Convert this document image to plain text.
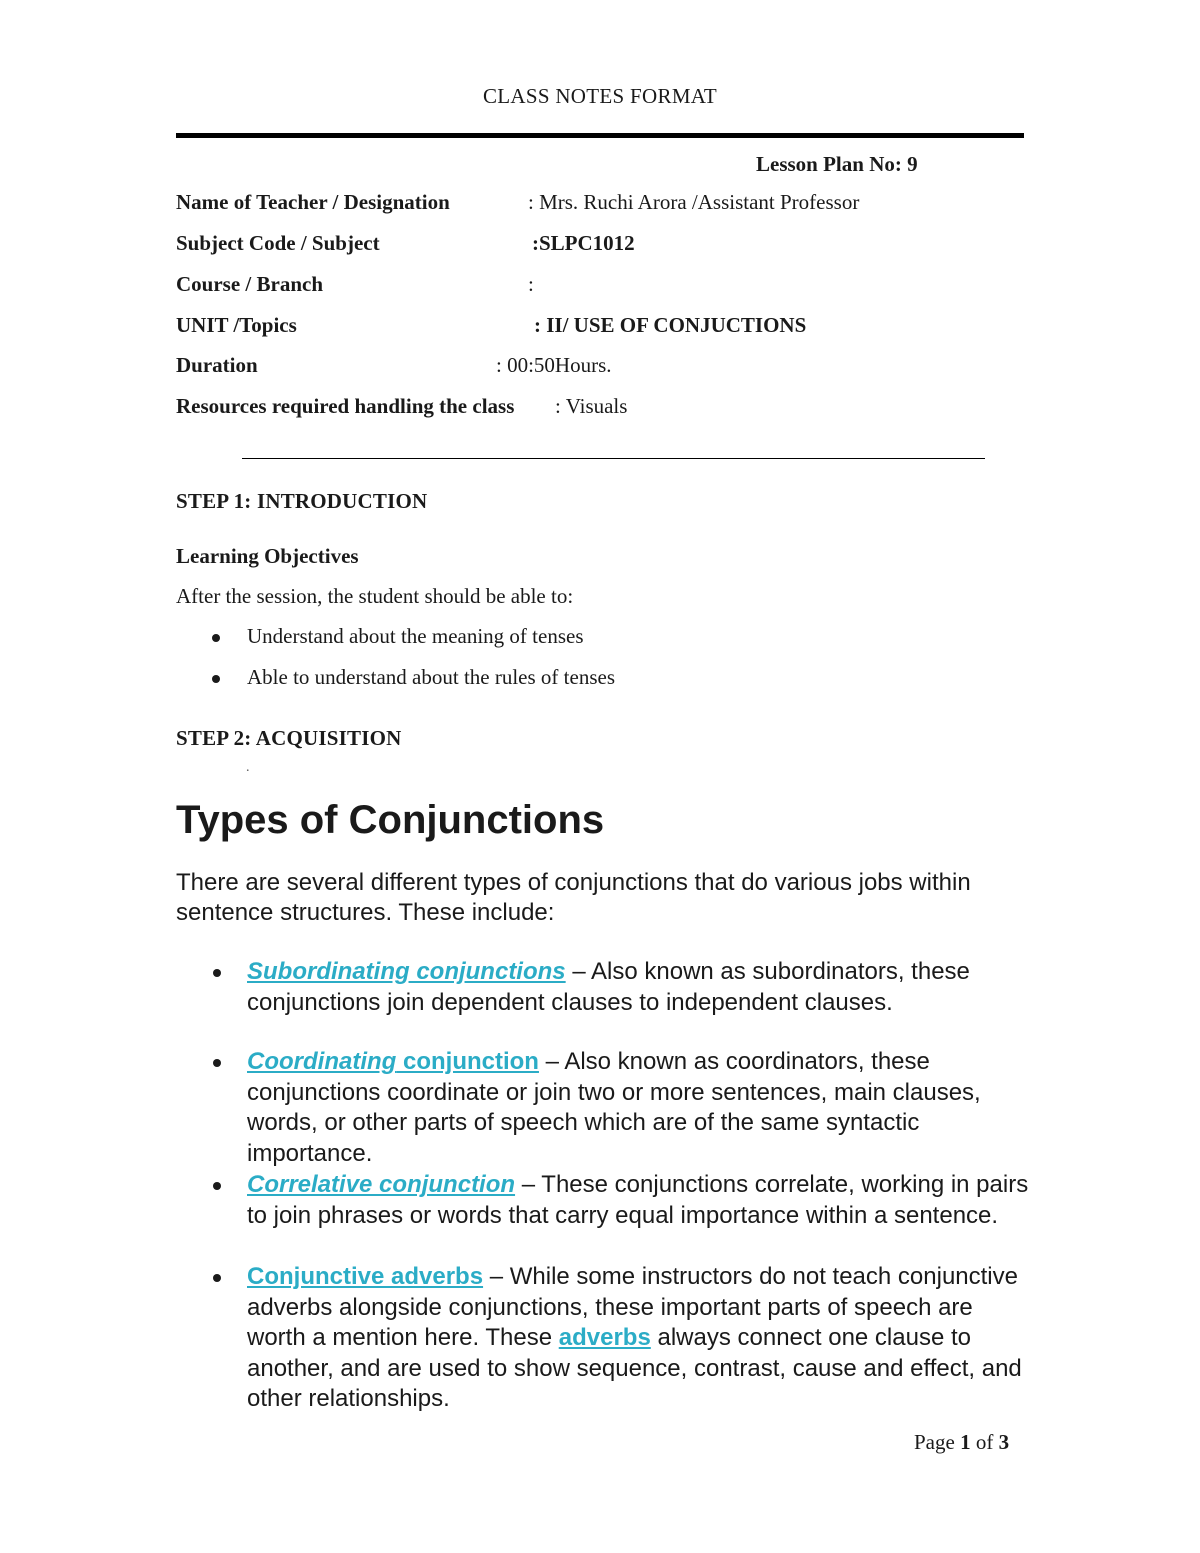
CLASS NOTES FORMAT
Lesson Plan No: 9
Name of Teacher / Designation	: Mrs. Ruchi Arora /Assistant Professor
Subject Code / Subject	:SLPC1012
Course / Branch	:
UNIT /Topics	: II/ USE OF CONJUCTIONS
Duration	: 00:50Hours.
Resources required handling the class : Visuals
STEP 1: INTRODUCTION
Learning Objectives
After the session, the student should be able to:
Understand about the meaning of tenses
Able to understand about the rules of tenses
STEP 2: ACQUISITION
.
Types of Conjunctions
There are several different types of conjunctions that do various jobs within sentence structures. These include:
Subordinating conjunctions – Also known as subordinators, these conjunctions join dependent clauses to independent clauses.
Coordinating conjunction – Also known as coordinators, these conjunctions coordinate or join two or more sentences, main clauses, words, or other parts of speech which are of the same syntactic importance.
Correlative conjunction – These conjunctions correlate, working in pairs to join phrases or words that carry equal importance within a sentence.
Conjunctive adverbs – While some instructors do not teach conjunctive adverbs alongside conjunctions, these important parts of speech are worth a mention here. These adverbs always connect one clause to another, and are used to show sequence, contrast, cause and effect, and other relationships.
Page 1 of 3
